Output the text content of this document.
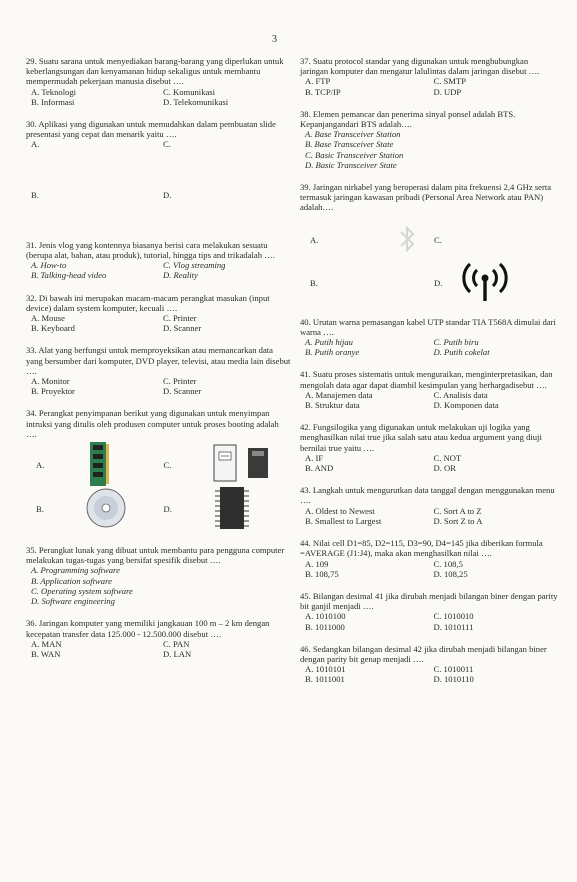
3

29. Suatu sarana untuk menyediakan barang-barang yang diperlukan untuk keberlangsungan dan kenyamanan hidup sekaligus untuk membantu mempermudah pekerjaan manusia disebut ….

A. Teknologi	C. Komunikasi
B. Informasi	D. Telekomunikasi

30. Aplikasi yang digunakan untuk memudahkan dalam pembuatan slide presentasi yang cepat dan menarik yaitu ….

A.	C.
B.	D.

31. Jenis vlog yang kontennya biasanya berisi cara melakukan sesuatu (berupa alat, bahan, atau produk), tutorial, hingga tips and trikadalah ….

A. How-to	C. Vlog streaming
B. Talking-head video	D. Reality

32. Di bawah ini merupakan macam-macam perangkat masukan (input device) dalam system komputer, kecuali ….

A. Mouse	C. Printer
B. Keyboard	D. Scanner

33. Alat yang berfungsi untuk memproyeksikan atau memancarkan data yang bersumber dari komputer, DVD player, televisi, atau media lain disebut ….

A. Monitor	C. Printer
B. Proyektor	D. Scanner

34. Perangkat penyimpanan berikut yang digunakan untuk menyimpan intruksi yang ditulis oleh produsen computer untuk proses booting adalah ….

A.	C.
B.	D.

35. Perangkat lunak yang dibuat untuk membantu para pengguna computer melakukan tugas-tugas yang bersifat spesifik disebut ….

A. Programming software
B. Application software
C. Operating system software
D. Software engineering

36. Jaringan komputer yang memiliki jangkauan 100 m – 2 km dengan kecepatan transfer data 125.000 - 12.500.000 disebut ….

A. MAN	C. PAN
B. WAN	D. LAN

37. Suatu protocol standar yang digunakan untuk menghubungkan jaringan komputer dan mengatur lalulintas dalam jaringan disebut ….

A. FTP	C. SMTP
B. TCP/IP	D. UDP

38. Elemen pemancar dan penerima sinyal ponsel adalah BTS. Kepanjangandari BTS adalah….

A. Base Transceiver Station
B. Base Transceiver State
C. Basic Transceiver Station
D. Basic Transceiver State

39. Jaringan nirkabel yang beroperasi dalam pita frekuensi 2,4 GHz serta termasuk jaringan kawasan pribadi (Personal Area Network atau PAN) adalah….

A.	C.
B.	D.

40. Urutan warna pemasangan kabel UTP standar TIA T568A dimulai dari warna ….

A. Putih hijau	C. Putih biru
B. Putih oranye	D. Putih cokelat

41. Suatu proses sistematis untuk menguraikan, menginterpretasikan, dan mengolah data agar dapat diambil kesimpulan yang berhargadisebut ….

A. Manajemen data	C. Analisis data
B. Struktur data	D. Komponen data

42. Fungsilogika yang digunakan untuk melakukan uji logika yang menghasilkan nilai true jika salah satu atau kedua argument yang diuji bernilai true yaitu ….

A. IF	C. NOT
B. AND	D. OR

43. Langkah untuk mengurutkan data tanggal dengan menggunakan menu ….

A. Oldest to Newest	C. Sort A to Z
B. Smallest to Largest	D. Sort Z to A

44. Nilai cell D1=85, D2=115, D3=90, D4=145 jika diberikan formula =AVERAGE (J1:J4), maka akan menghasilkan nilai ….

A. 109	C. 108,5
B. 108,75	D. 108,25

45. Bilangan desimal 41 jika dirubah menjadi bilangan biner dengan parity bit ganjil menjadi ….

A. 1010100	C. 1010010
B. 1011000	D. 1010111

46. Sedangkan bilangan desimal 42 jika dirubah menjadi bilangan biner dengan parity bit genap menjadi ….

A. 1010101	C. 1010011
B. 1011001	D. 1010110
